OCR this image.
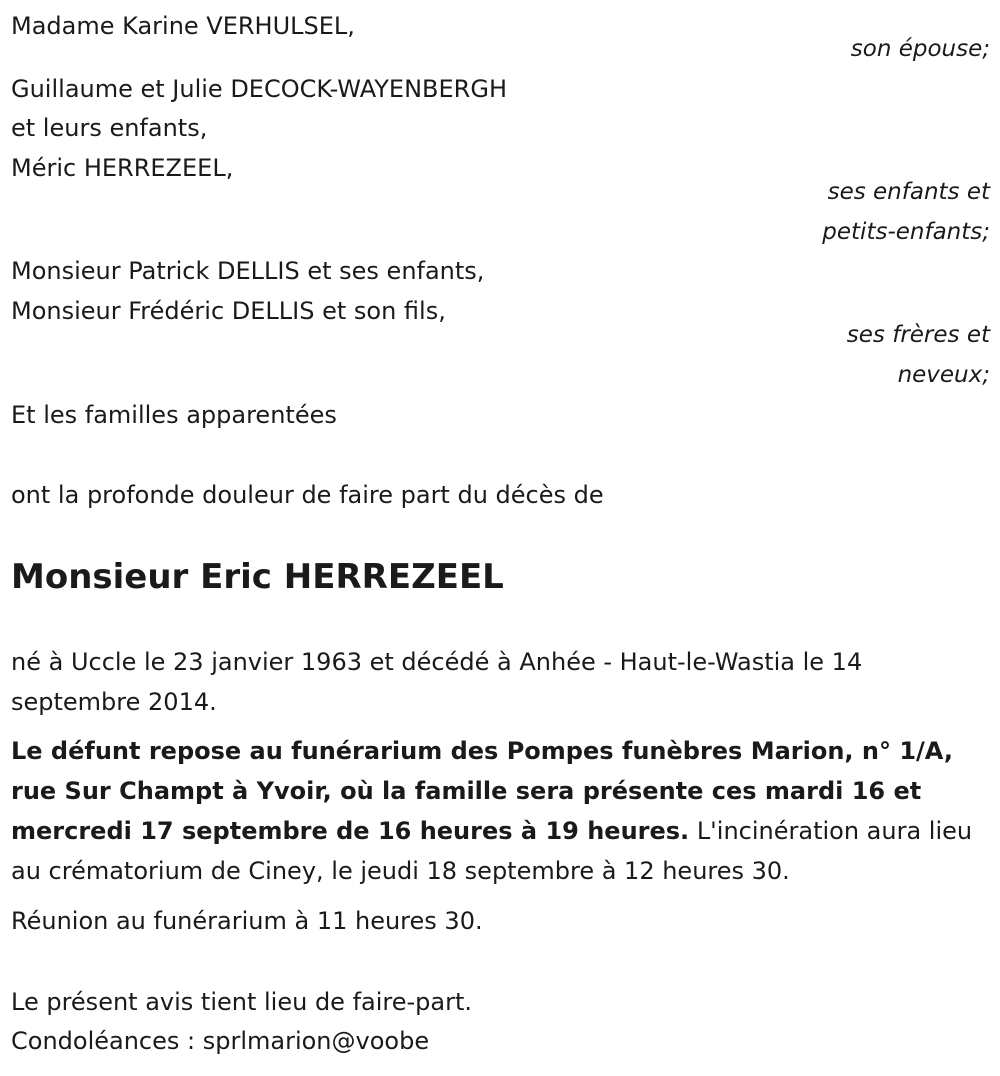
Madame Karine VERHULSEL,
son épouse;
Guillaume et Julie DECOCK-WAYENBERGH
et leurs enfants,
Méric HERREZEEL,
ses enfants et
petits-enfants;
Monsieur Patrick DELLIS et ses enfants,
Monsieur Frédéric DELLIS et son fils,
ses frères et
neveux;
Et les familles apparentées
ont la profonde douleur de faire part du décès de
Monsieur Eric HERREZEEL
né à Uccle le 23 janvier 1963 et décédé à Anhée - Haut-le-Wastia le 14 septembre 2014.
Le défunt repose au funérarium des Pompes funèbres Marion, n° 1/A, rue Sur Champt à Yvoir, où la famille sera présente ces mardi 16 et mercredi 17 septembre de 16 heures à 19 heures. L'incinération aura lieu au crématorium de Ciney, le jeudi 18 septembre à 12 heures 30.
Réunion au funérarium à 11 heures 30.
Le présent avis tient lieu de faire-part.
Condoléances : sprlmarion@voobe
